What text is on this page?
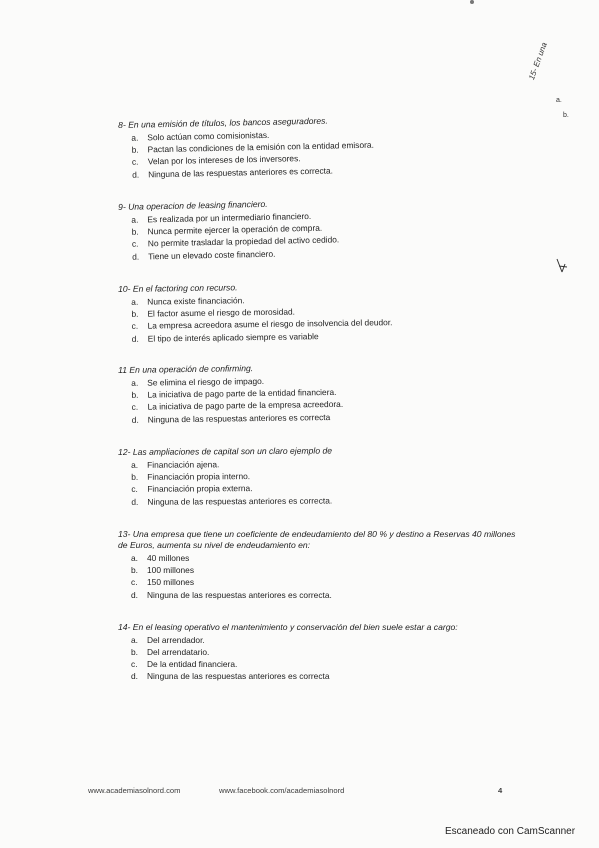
15- En una
a.
b.
8- En una emisión de títulos, los bancos aseguradores.
a. Solo actúan como comisionistas.
b. Pactan las condiciones de la emisión con la entidad emisora.
c. Velan por los intereses de los inversores.
d. Ninguna de las respuestas anteriores es correcta.
9- Una operacion de leasing financiero.
a. Es realizada por un intermediario financiero.
b. Nunca permite ejercer la operación de compra.
c. No permite trasladar la propiedad del activo cedido.
d. Tiene un elevado coste financiero.
10- En el factoring con recurso.
a. Nunca existe financiación.
b. El factor asume el riesgo de morosidad.
c. La empresa acreedora asume el riesgo de insolvencia del deudor.
d. El tipo de interés aplicado siempre es variable
11 En una operación de confirming.
a. Se elimina el riesgo de impago.
b. La iniciativa de pago parte de la entidad financiera.
c. La iniciativa de pago parte de la empresa acreedora.
d. Ninguna de las respuestas anteriores es correcta
12- Las ampliaciones de capital son un claro ejemplo de
a. Financiación ajena.
b. Financiación propia interno.
c. Financiación propia externa.
d. Ninguna de las respuestas anteriores es correcta.
13- Una empresa que tiene un coeficiente de endeudamiento del 80 % y destino a Reservas 40 millones de Euros, aumenta su nivel de endeudamiento en:
a. 40 millones
b. 100 millones
c. 150 millones
d. Ninguna de las respuestas anteriores es correcta.
14- En el leasing operativo el mantenimiento y conservación del bien suele estar a cargo:
a. Del arrendador.
b. Del arrendatario.
c. De la entidad financiera.
d. Ninguna de las respuestas anteriores es correcta
www.academiasolnord.com	www.facebook.com/academiasolnord	4
Escaneado con CamScanner
